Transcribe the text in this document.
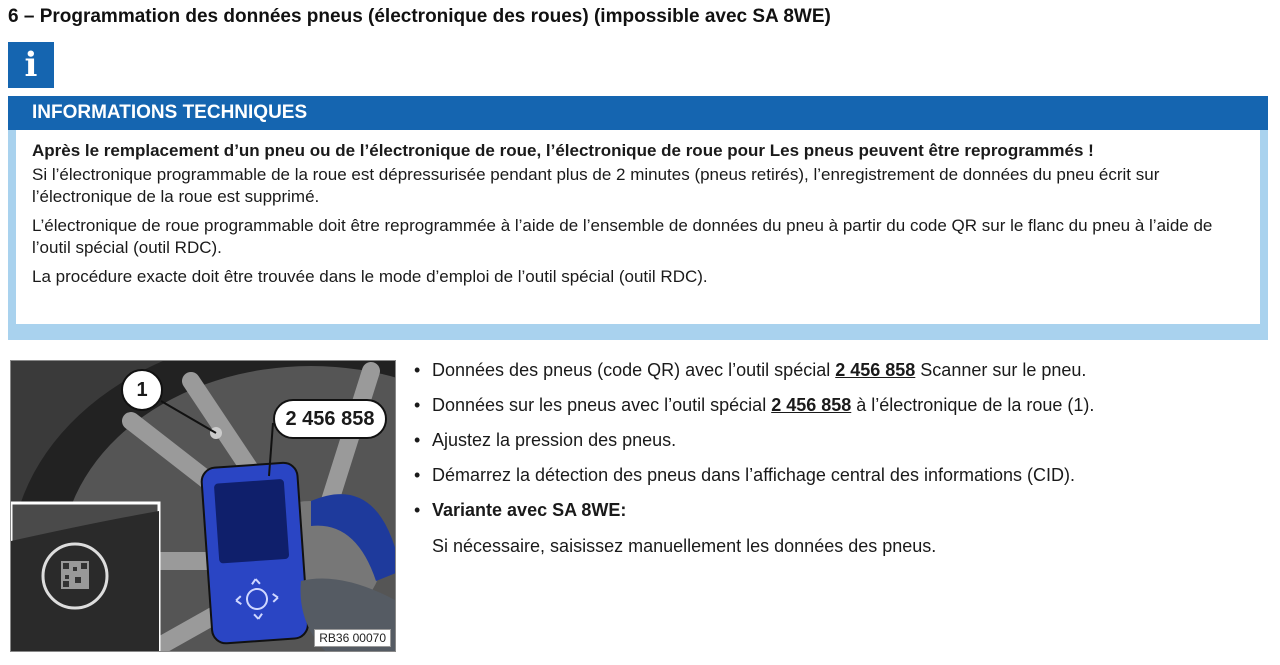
6 – Programmation des données pneus (électronique des roues) (impossible avec SA 8WE)
i
INFORMATIONS TECHNIQUES

Après le remplacement d’un pneu ou de l’électronique de roue, l’électronique de roue pour Les pneus peuvent être reprogrammés !

Si l’électronique programmable de la roue est dépressurisée pendant plus de 2 minutes (pneus retirés), l’enregistrement de données du pneu écrit sur l’électronique de la roue est supprimé.

L’électronique de roue programmable doit être reprogrammée à l’aide de l’ensemble de données du pneu à partir du code QR sur le flanc du pneu à l’aide de l’outil spécial (outil RDC).

La procédure exacte doit être trouvée dans le mode d’emploi de l’outil spécial (outil RDC).

1
2 456 858
RB36 00070
• Données des pneus (code QR) avec l’outil spécial 2 456 858 Scanner sur le pneu.
• Données sur les pneus avec l’outil spécial 2 456 858 à l’électronique de la roue (1).
• Ajustez la pression des pneus.
• Démarrez la détection des pneus dans l’affichage central des informations (CID).
• Variante avec SA 8WE:
Si nécessaire, saisissez manuellement les données des pneus.
